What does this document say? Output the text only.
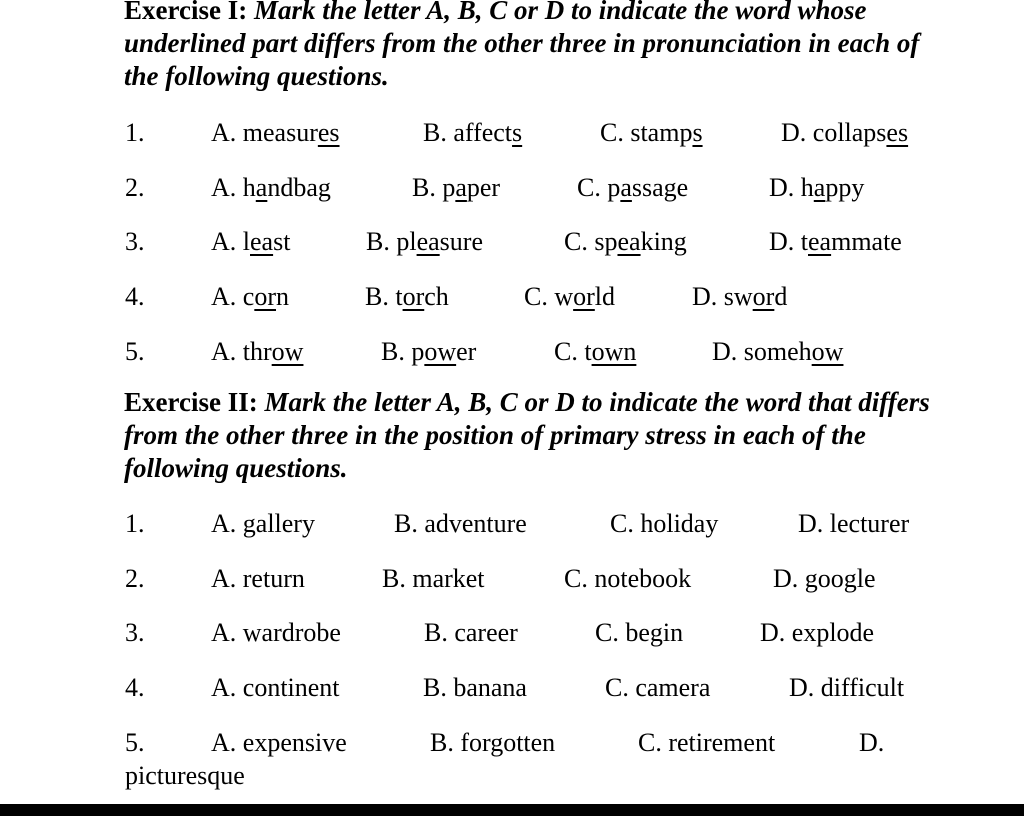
Exercise I: Mark the letter A, B, C or D to indicate the word whose underlined part differs from the other three in pronunciation in each of the following questions.
1.	A. measures	B. affects	C. stamps	D. collapses
2.	A. handbag	B. paper	C. passage	D. happy
3.	A. least	B. pleasure	C. speaking	D. teammate
4.	A. corn	B. torch	C. world	D. sword
5.	A. throw	B. power	C. town	D. somehow
Exercise II: Mark the letter A, B, C or D to indicate the word that differs from the other three in the position of primary stress in each of the following questions.
1.	A. gallery	B. adventure	C. holiday	D. lecturer
2.	A. return	B. market	C. notebook	D. google
3.	A. wardrobe	B. career	C. begin	D. explode
4.	A. continent	B. banana	C. camera	D. difficult
5.	A. expensive	B. forgotten	C. retirement	D.
picturesque
